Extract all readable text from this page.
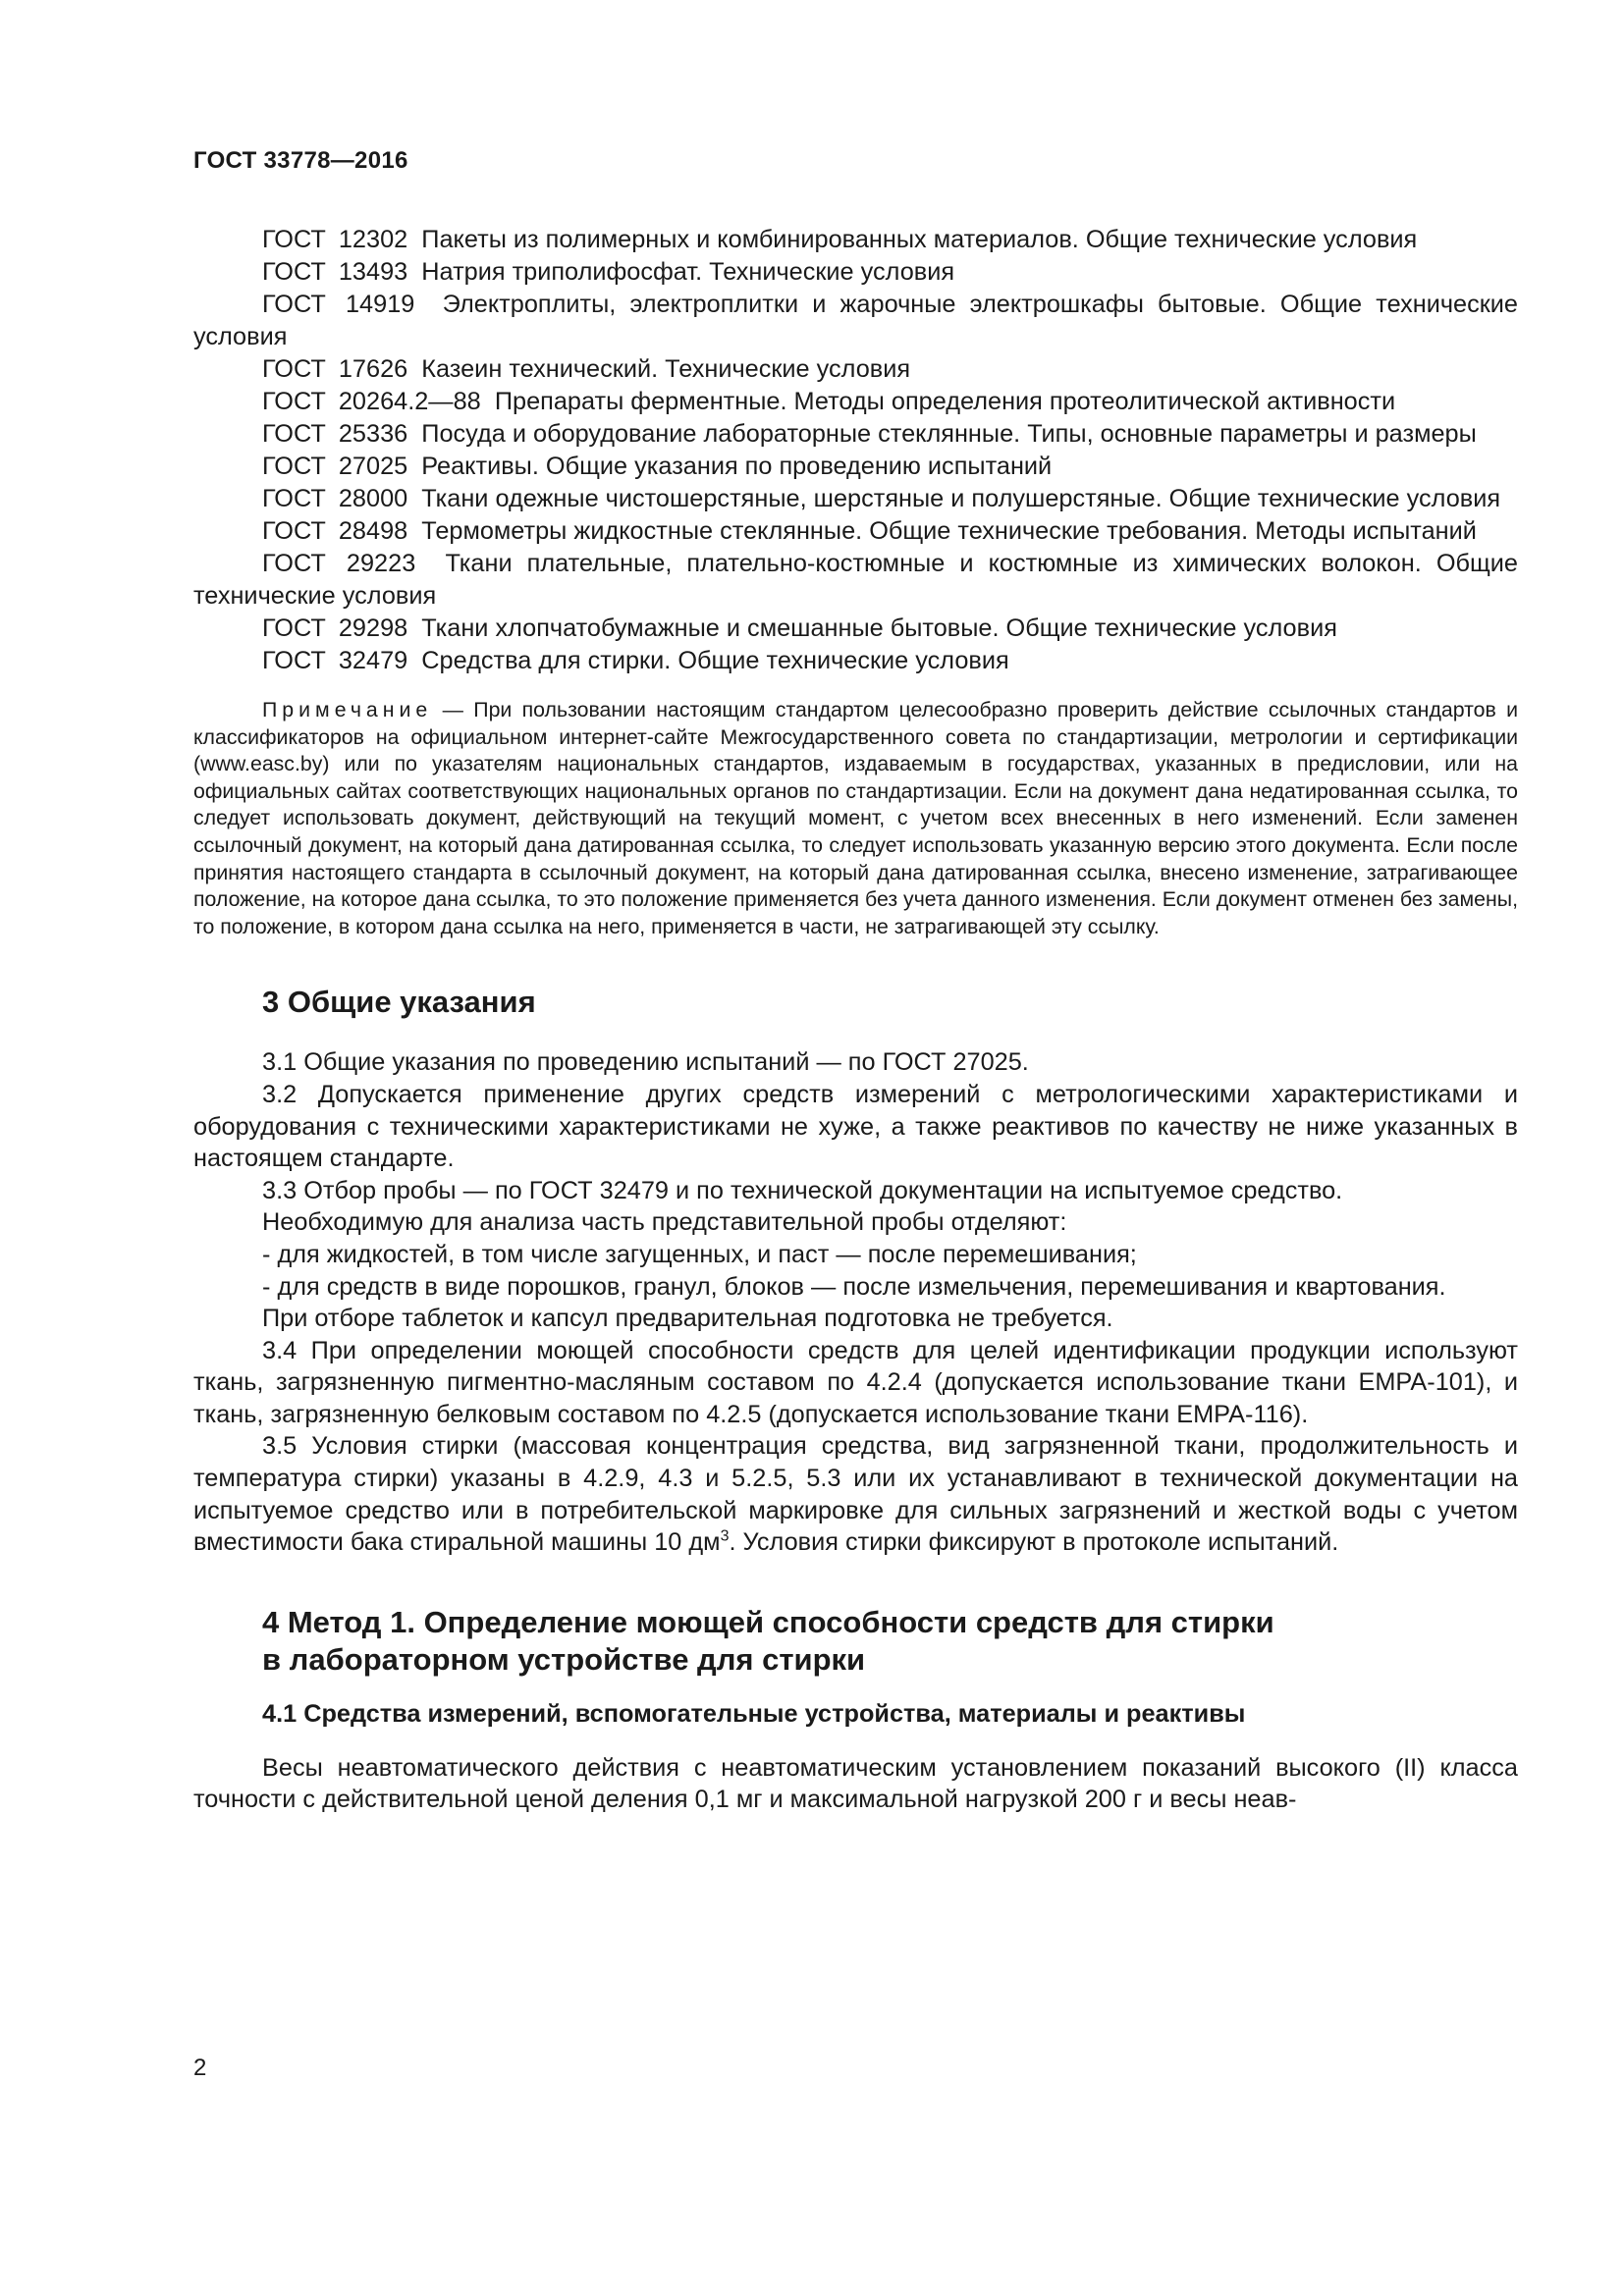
ГОСТ 33778—2016
ГОСТ 12302 Пакеты из полимерных и комбинированных материалов. Общие технические условия
ГОСТ 13493 Натрия триполифосфат. Технические условия
ГОСТ 14919 Электроплиты, электроплитки и жарочные электрошкафы бытовые. Общие технические условия
ГОСТ 17626 Казеин технический. Технические условия
ГОСТ 20264.2—88 Препараты ферментные. Методы определения протеолитической активности
ГОСТ 25336 Посуда и оборудование лабораторные стеклянные. Типы, основные параметры и размеры
ГОСТ 27025 Реактивы. Общие указания по проведению испытаний
ГОСТ 28000 Ткани одежные чистошерстяные, шерстяные и полушерстяные. Общие технические условия
ГОСТ 28498 Термометры жидкостные стеклянные. Общие технические требования. Методы испытаний
ГОСТ 29223 Ткани плательные, плательно-костюмные и костюмные из химических волокон. Общие технические условия
ГОСТ 29298 Ткани хлопчатобумажные и смешанные бытовые. Общие технические условия
ГОСТ 32479 Средства для стирки. Общие технические условия
Примечание — При пользовании настоящим стандартом целесообразно проверить действие ссылочных стандартов и классификаторов на официальном интернет-сайте Межгосударственного совета по стандартизации, метрологии и сертификации (www.easc.by) или по указателям национальных стандартов, издаваемым в государствах, указанных в предисловии, или на официальных сайтах соответствующих национальных органов по стандартизации. Если на документ дана недатированная ссылка, то следует использовать документ, действующий на текущий момент, с учетом всех внесенных в него изменений. Если заменен ссылочный документ, на который дана датированная ссылка, то следует использовать указанную версию этого документа. Если после принятия настоящего стандарта в ссылочный документ, на который дана датированная ссылка, внесено изменение, затрагивающее положение, на которое дана ссылка, то это положение применяется без учета данного изменения. Если документ отменен без замены, то положение, в котором дана ссылка на него, применяется в части, не затрагивающей эту ссылку.
3 Общие указания

3.1 Общие указания по проведению испытаний — по ГОСТ 27025.

3.2 Допускается применение других средств измерений с метрологическими характеристиками и оборудования с техническими характеристиками не хуже, а также реактивов по качеству не ниже указанных в настоящем стандарте.

3.3 Отбор пробы — по ГОСТ 32479 и по технической документации на испытуемое средство.

Необходимую для анализа часть представительной пробы отделяют:

- для жидкостей, в том числе загущенных, и паст — после перемешивания;

- для средств в виде порошков, гранул, блоков — после измельчения, перемешивания и квартования.

При отборе таблеток и капсул предварительная подготовка не требуется.

3.4 При определении моющей способности средств для целей идентификации продукции используют ткань, загрязненную пигментно-масляным составом по 4.2.4 (допускается использование ткани EMPA-101), и ткань, загрязненную белковым составом по 4.2.5 (допускается использование ткани EMPA-116).

3.5 Условия стирки (массовая концентрация средства, вид загрязненной ткани, продолжительность и температура стирки) указаны в 4.2.9, 4.3 и 5.2.5, 5.3 или их устанавливают в технической документации на испытуемое средство или в потребительской маркировке для сильных загрязнений и жесткой воды с учетом вместимости бака стиральной машины 10 $дм^3$. Условия стирки фиксируют в протоколе испытаний.

4 Метод 1. Определение моющей способности средств для стирки
в лабораторном устройстве для стирки
4.1 Средства измерений, вспомогательные устройства, материалы и реактивы

Весы неавтоматического действия с неавтоматическим установлением показаний высокого (II) класса точности с действительной ценой деления 0,1 мг и максимальной нагрузкой 200 г и весы неав-

2
